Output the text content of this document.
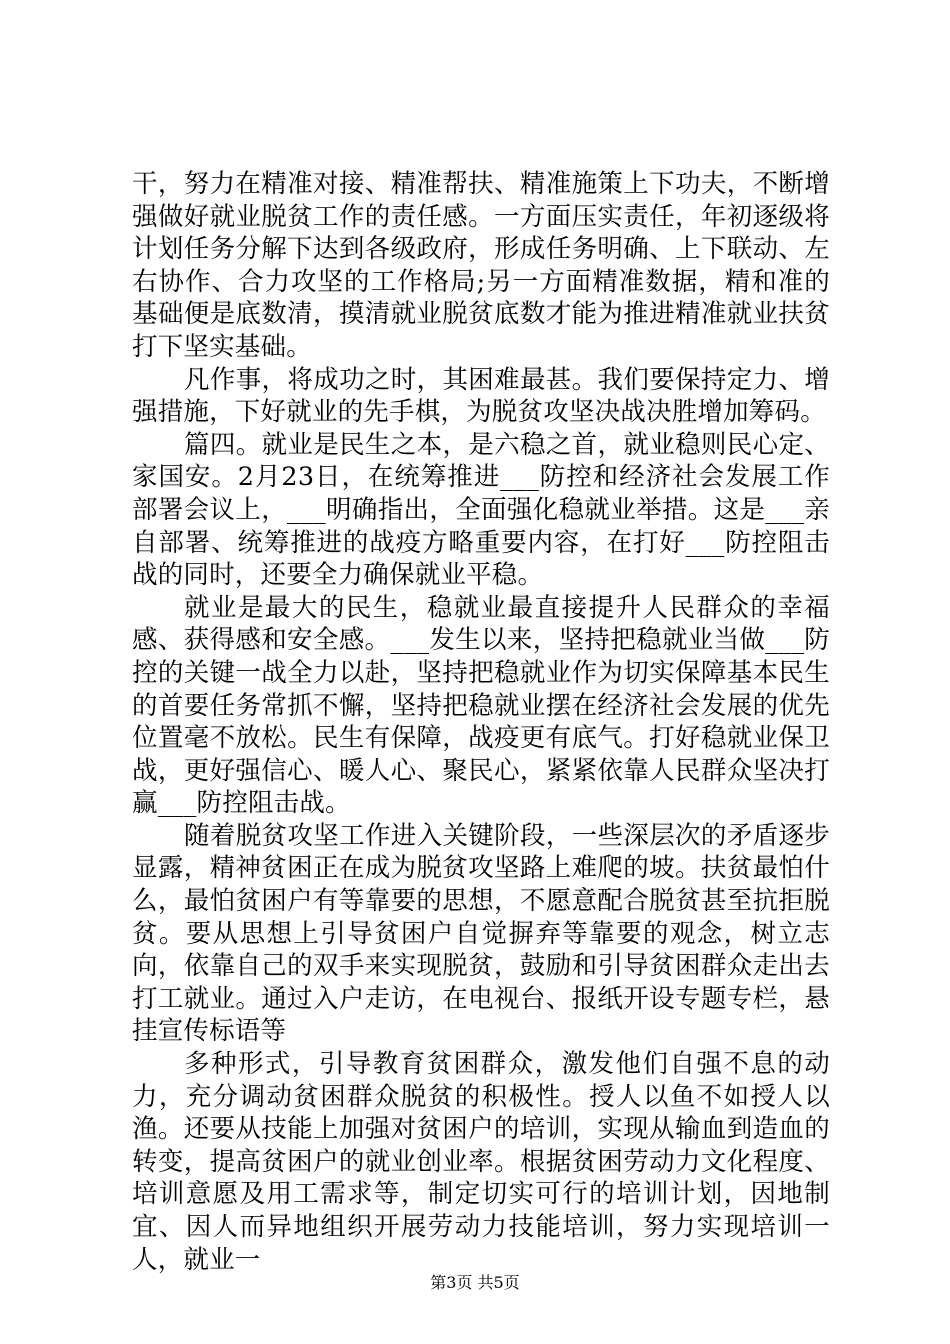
干，努力在精准对接、精准帮扶、精准施策上下功夫，不断增强做好就业脱贫工作的责任感。一方面压实责任，年初逐级将计划任务分解下达到各级政府，形成任务明确、上下联动、左右协作、合力攻坚的工作格局;另一方面精准数据，精和准的基础便是底数清，摸清就业脱贫底数才能为推进精准就业扶贫打下坚实基础。

凡作事，将成功之时，其困难最甚。我们要保持定力、增强措施，下好就业的先手棋，为脱贫攻坚决战决胜增加筹码。

篇四。就业是民生之本，是六稳之首，就业稳则民心定、家国安。2月23日，在统筹推进___防控和经济社会发展工作部署会议上，___明确指出，全面强化稳就业举措。这是___亲自部署、统筹推进的战疫方略重要内容，在打好___防控阻击战的同时，还要全力确保就业平稳。

就业是最大的民生，稳就业最直接提升人民群众的幸福感、获得感和安全感。___发生以来，坚持把稳就业当做___防控的关键一战全力以赴，坚持把稳就业作为切实保障基本民生的首要任务常抓不懈，坚持把稳就业摆在经济社会发展的优先位置毫不放松。民生有保障，战疫更有底气。打好稳就业保卫战，更好强信心、暖人心、聚民心，紧紧依靠人民群众坚决打赢___防控阻击战。

随着脱贫攻坚工作进入关键阶段，一些深层次的矛盾逐步显露，精神贫困正在成为脱贫攻坚路上难爬的坡。扶贫最怕什么，最怕贫困户有等靠要的思想，不愿意配合脱贫甚至抗拒脱贫。要从思想上引导贫困户自觉摒弃等靠要的观念，树立志向，依靠自己的双手来实现脱贫，鼓励和引导贫困群众走出去打工就业。通过入户走访，在电视台、报纸开设专题专栏，悬挂宣传标语等

多种形式，引导教育贫困群众，激发他们自强不息的动力，充分调动贫困群众脱贫的积极性。授人以鱼不如授人以渔。还要从技能上加强对贫困户的培训，实现从输血到造血的转变，提高贫困户的就业创业率。根据贫困劳动力文化程度、培训意愿及用工需求等，制定切实可行的培训计划，因地制宜、因人而异地组织开展劳动力技能培训，努力实现培训一人，就业一

第3页 共5页
